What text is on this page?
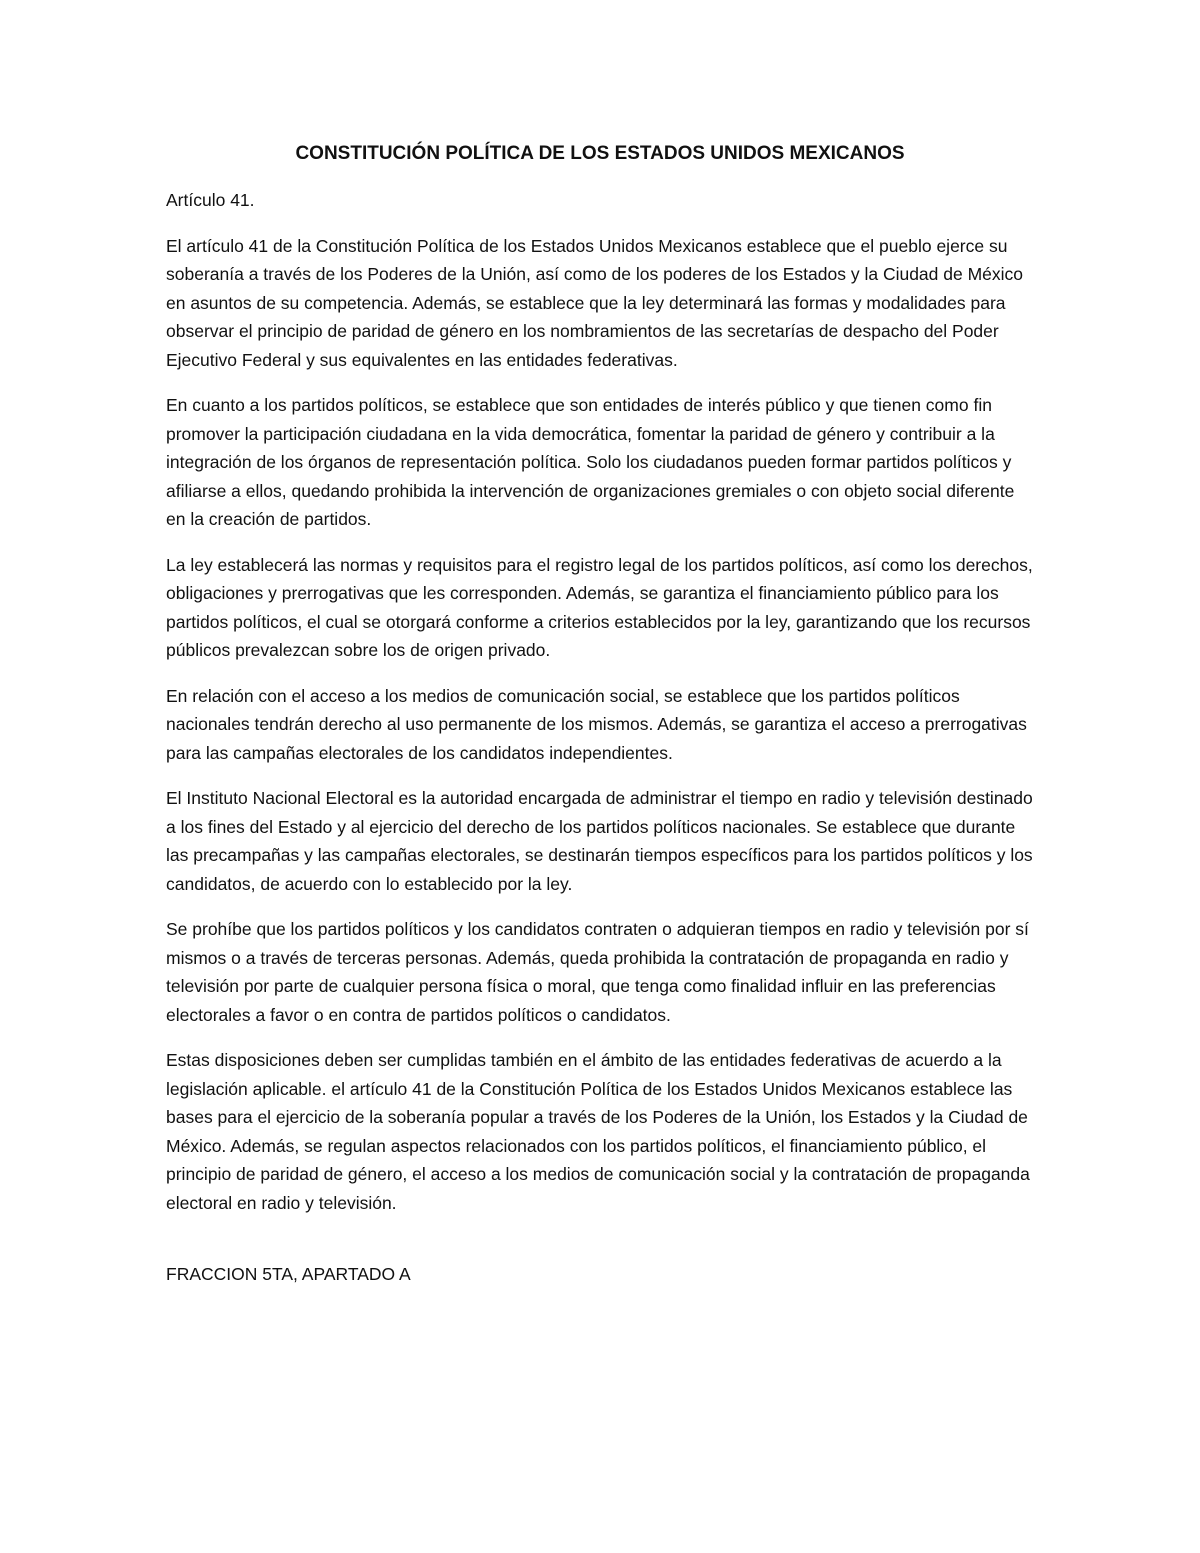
CONSTITUCIÓN POLÍTICA DE LOS ESTADOS UNIDOS MEXICANOS

Artículo 41.

El artículo 41 de la Constitución Política de los Estados Unidos Mexicanos establece que el pueblo ejerce su soberanía a través de los Poderes de la Unión, así como de los poderes de los Estados y la Ciudad de México en asuntos de su competencia. Además, se establece que la ley determinará las formas y modalidades para observar el principio de paridad de género en los nombramientos de las secretarías de despacho del Poder Ejecutivo Federal y sus equivalentes en las entidades federativas.

En cuanto a los partidos políticos, se establece que son entidades de interés público y que tienen como fin promover la participación ciudadana en la vida democrática, fomentar la paridad de género y contribuir a la integración de los órganos de representación política. Solo los ciudadanos pueden formar partidos políticos y afiliarse a ellos, quedando prohibida la intervención de organizaciones gremiales o con objeto social diferente en la creación de partidos.

La ley establecerá las normas y requisitos para el registro legal de los partidos políticos, así como los derechos, obligaciones y prerrogativas que les corresponden. Además, se garantiza el financiamiento público para los partidos políticos, el cual se otorgará conforme a criterios establecidos por la ley, garantizando que los recursos públicos prevalezcan sobre los de origen privado.

En relación con el acceso a los medios de comunicación social, se establece que los partidos políticos nacionales tendrán derecho al uso permanente de los mismos. Además, se garantiza el acceso a prerrogativas para las campañas electorales de los candidatos independientes.

El Instituto Nacional Electoral es la autoridad encargada de administrar el tiempo en radio y televisión destinado a los fines del Estado y al ejercicio del derecho de los partidos políticos nacionales. Se establece que durante las precampañas y las campañas electorales, se destinarán tiempos específicos para los partidos políticos y los candidatos, de acuerdo con lo establecido por la ley.

Se prohíbe que los partidos políticos y los candidatos contraten o adquieran tiempos en radio y televisión por sí mismos o a través de terceras personas. Además, queda prohibida la contratación de propaganda en radio y televisión por parte de cualquier persona física o moral, que tenga como finalidad influir en las preferencias electorales a favor o en contra de partidos políticos o candidatos.

Estas disposiciones deben ser cumplidas también en el ámbito de las entidades federativas de acuerdo a la legislación aplicable. el artículo 41 de la Constitución Política de los Estados Unidos Mexicanos establece las bases para el ejercicio de la soberanía popular a través de los Poderes de la Unión, los Estados y la Ciudad de México. Además, se regulan aspectos relacionados con los partidos políticos, el financiamiento público, el principio de paridad de género, el acceso a los medios de comunicación social y la contratación de propaganda electoral en radio y televisión.

FRACCION 5TA, APARTADO A
